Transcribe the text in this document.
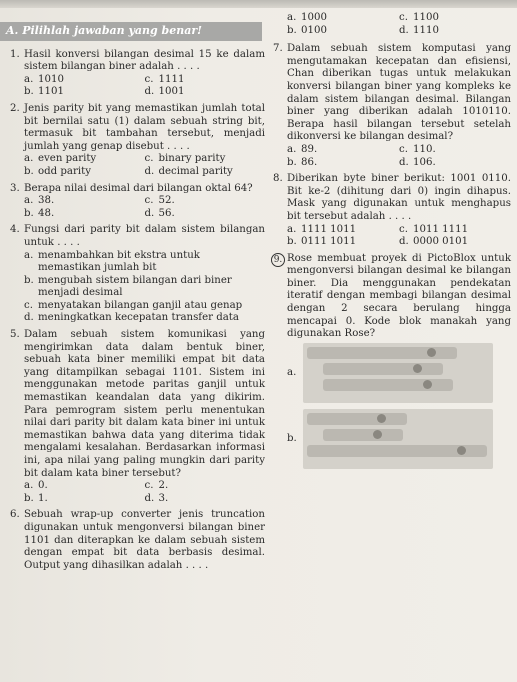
A. Pilihlah jawaban yang benar!
1. Hasil konversi bilangan desimal 15 ke dalam sistem bilangan biner adalah . . . .
a. 1010	c. 1111
b. 1101	d. 1001
2. Jenis parity bit yang memastikan jumlah total bit bernilai satu (1) dalam sebuah string bit, termasuk bit tambahan tersebut, menjadi jumlah yang genap disebut . . . .
a. even parity	c. binary parity
b. odd parity	d. decimal parity
3. Berapa nilai desimal dari bilangan oktal 64?
a. 38.	c. 52.
b. 48.	d. 56.
4. Fungsi dari parity bit dalam sistem bilangan untuk . . . .
a. menambahkan bit ekstra untuk memastikan jumlah bit
b. mengubah sistem bilangan dari biner menjadi desimal
c. menyatakan bilangan ganjil atau genap
d. meningkatkan kecepatan transfer data
5. Dalam sebuah sistem komunikasi yang mengirimkan data dalam bentuk biner, sebuah kata biner memiliki empat bit data yang ditampilkan sebagai 1101. Sistem ini menggunakan metode paritas ganjil untuk memastikan keandalan data yang dikirim. Para pemrogram sistem perlu menentukan nilai dari parity bit dalam kata biner ini untuk memastikan bahwa data yang diterima tidak mengalami kesalahan. Berdasarkan informasi ini, apa nilai yang paling mungkin dari parity bit dalam kata biner tersebut?
a. 0.	c. 2.
b. 1.	d. 3.
6. Sebuah wrap-up converter jenis truncation digunakan untuk mengonversi bilangan biner 1101 dan diterapkan ke dalam sebuah sistem dengan empat bit data berbasis desimal. Output yang dihasilkan adalah . . . .
a. 1000	c. 1100
b. 0100	d. 1110
7. Dalam sebuah sistem komputasi yang mengutamakan kecepatan dan efisiensi, Chan diberikan tugas untuk melakukan konversi bilangan biner yang kompleks ke dalam sistem bilangan desimal. Bilangan biner yang diberikan adalah 1010110. Berapa hasil bilangan tersebut setelah dikonversi ke bilangan desimal?
a. 89.	c. 110.
b. 86.	d. 106.
8. Diberikan byte biner berikut: 1001 0110. Bit ke-2 (dihitung dari 0) ingin dihapus. Mask yang digunakan untuk menghapus bit tersebut adalah . . . .
a. 1111 1011	c. 1011 1111
b. 0111 1011	d. 0000 0101
9. Rose membuat proyek di PictoBlox untuk mengonversi bilangan desimal ke bilangan biner. Dia menggunakan pendekatan iteratif dengan membagi bilangan desimal dengan 2 secara berulang hingga mencapai 0. Kode blok manakah yang digunakan Rose?
a.
b.
